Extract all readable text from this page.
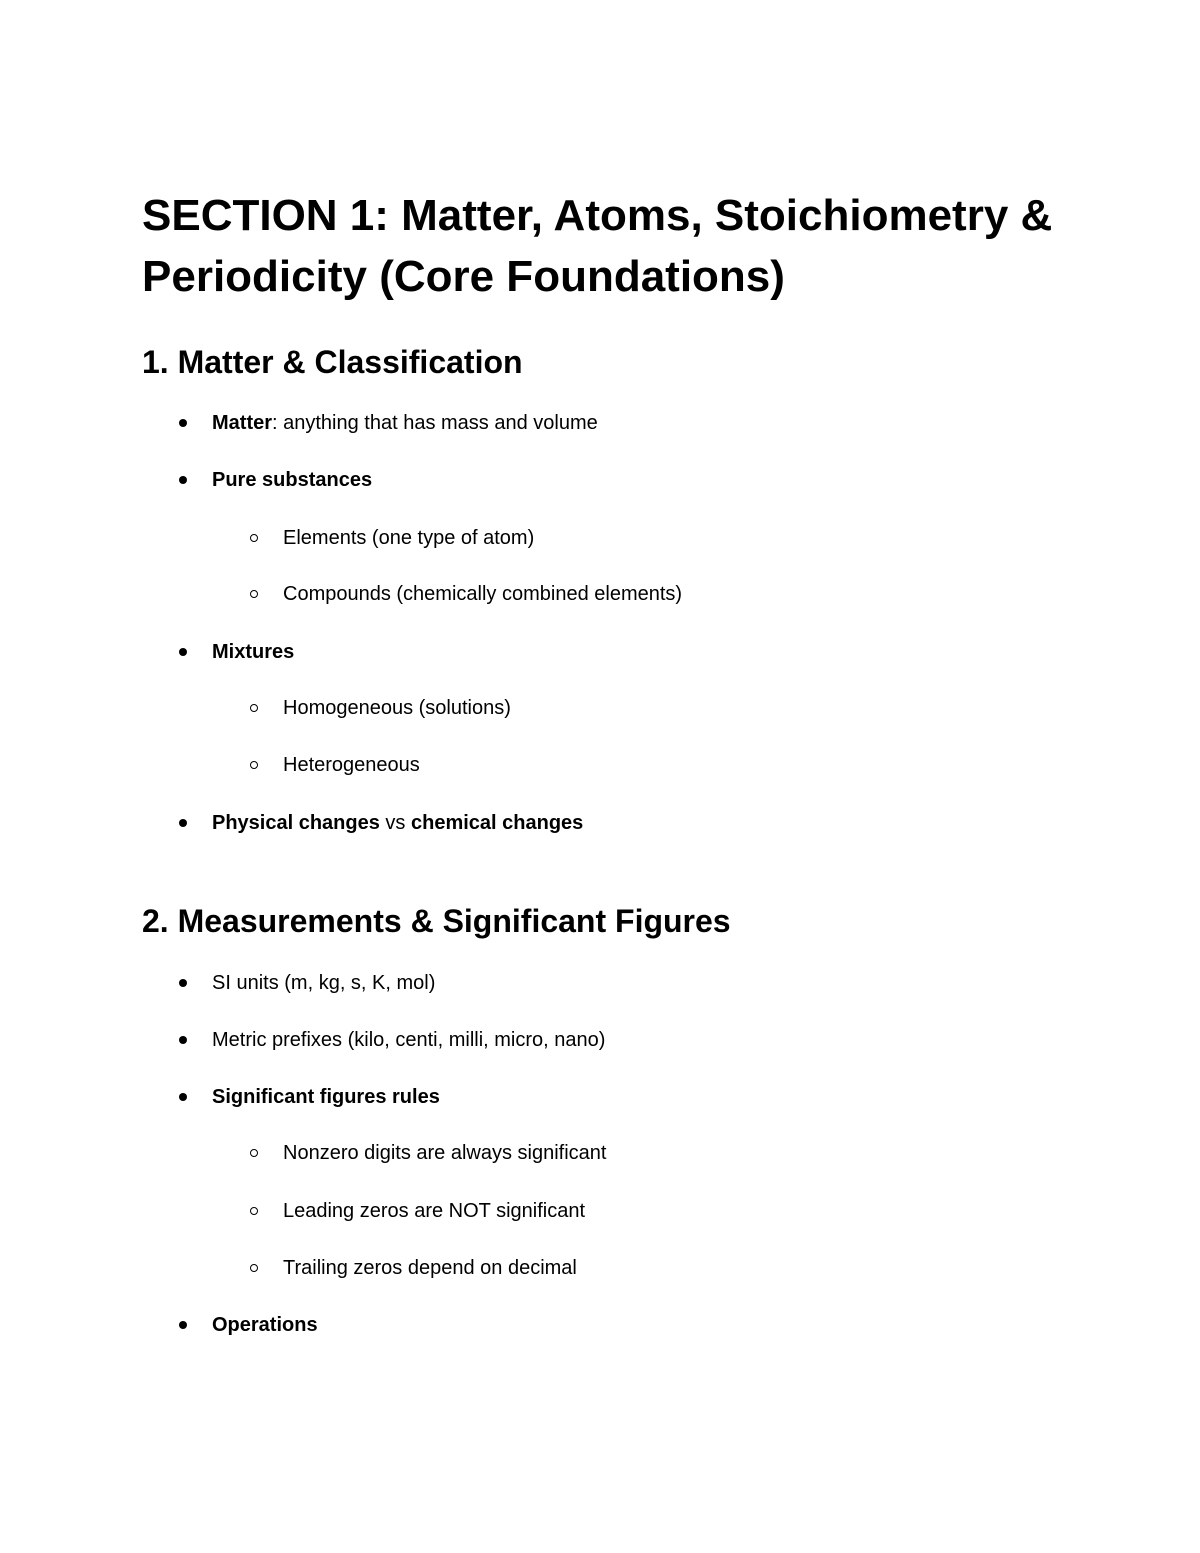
SECTION 1: Matter, Atoms, Stoichiometry & Periodicity (Core Foundations)
1. Matter & Classification
Matter: anything that has mass and volume
Pure substances
Elements (one type of atom)
Compounds (chemically combined elements)
Mixtures
Homogeneous (solutions)
Heterogeneous
Physical changes vs chemical changes
2. Measurements & Significant Figures
SI units (m, kg, s, K, mol)
Metric prefixes (kilo, centi, milli, micro, nano)
Significant figures rules
Nonzero digits are always significant
Leading zeros are NOT significant
Trailing zeros depend on decimal
Operations
